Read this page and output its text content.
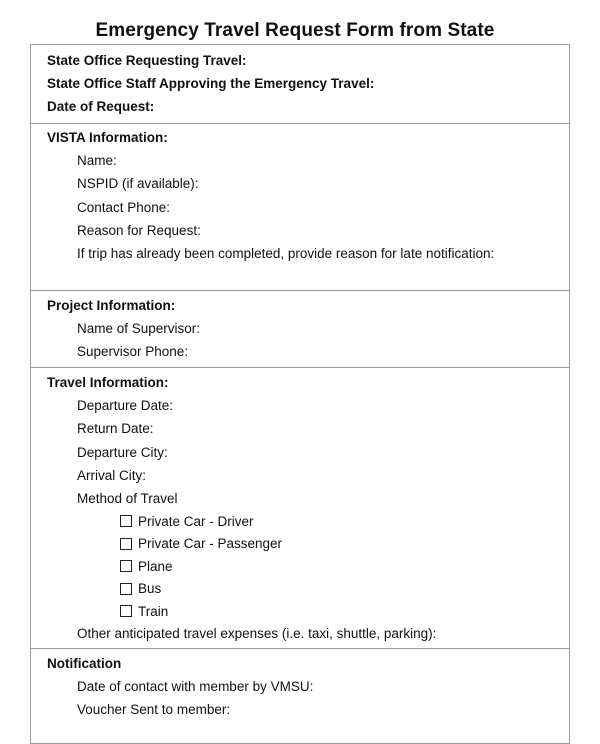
Emergency Travel Request Form from State
State Office Requesting Travel:
State Office Staff Approving the Emergency Travel:
Date of Request:
VISTA Information:
Name:
NSPID (if available):
Contact Phone:
Reason for Request:
If trip has already been completed, provide reason for late notification:
Project Information:
Name of Supervisor:
Supervisor Phone:
Travel Information:
Departure Date:
Return Date:
Departure City:
Arrival City:
Method of Travel
Private Car - Driver
Private Car - Passenger
Plane
Bus
Train
Other anticipated travel expenses (i.e. taxi, shuttle, parking):
Notification
Date of contact with member by VMSU:
Voucher Sent to member:
